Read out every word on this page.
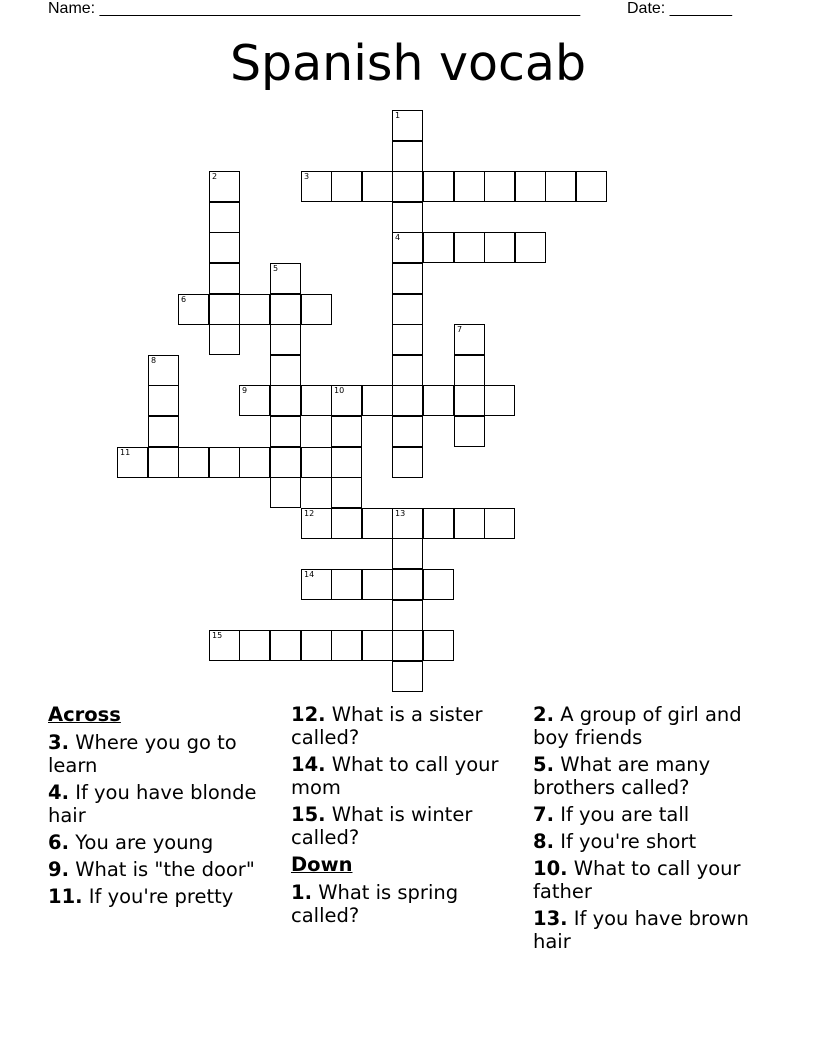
Name: ______________________________________________________	Date: _______
Spanish vocab
1
4
2	3
5
6
7
8
9	10
11
12	13
14
15
Across
3. Where you go to learn
4. If you have blonde hair
6. You are young
9. What is "the door"
11. If you're pretty
12. What is a sister called?
14. What to call your mom
15. What is winter called?
Down
1. What is spring called?
2. A group of girl and boy friends
5. What are many brothers called?
7. If you are tall
8. If you're short
10. What to call your father
13. If you have brown hair
